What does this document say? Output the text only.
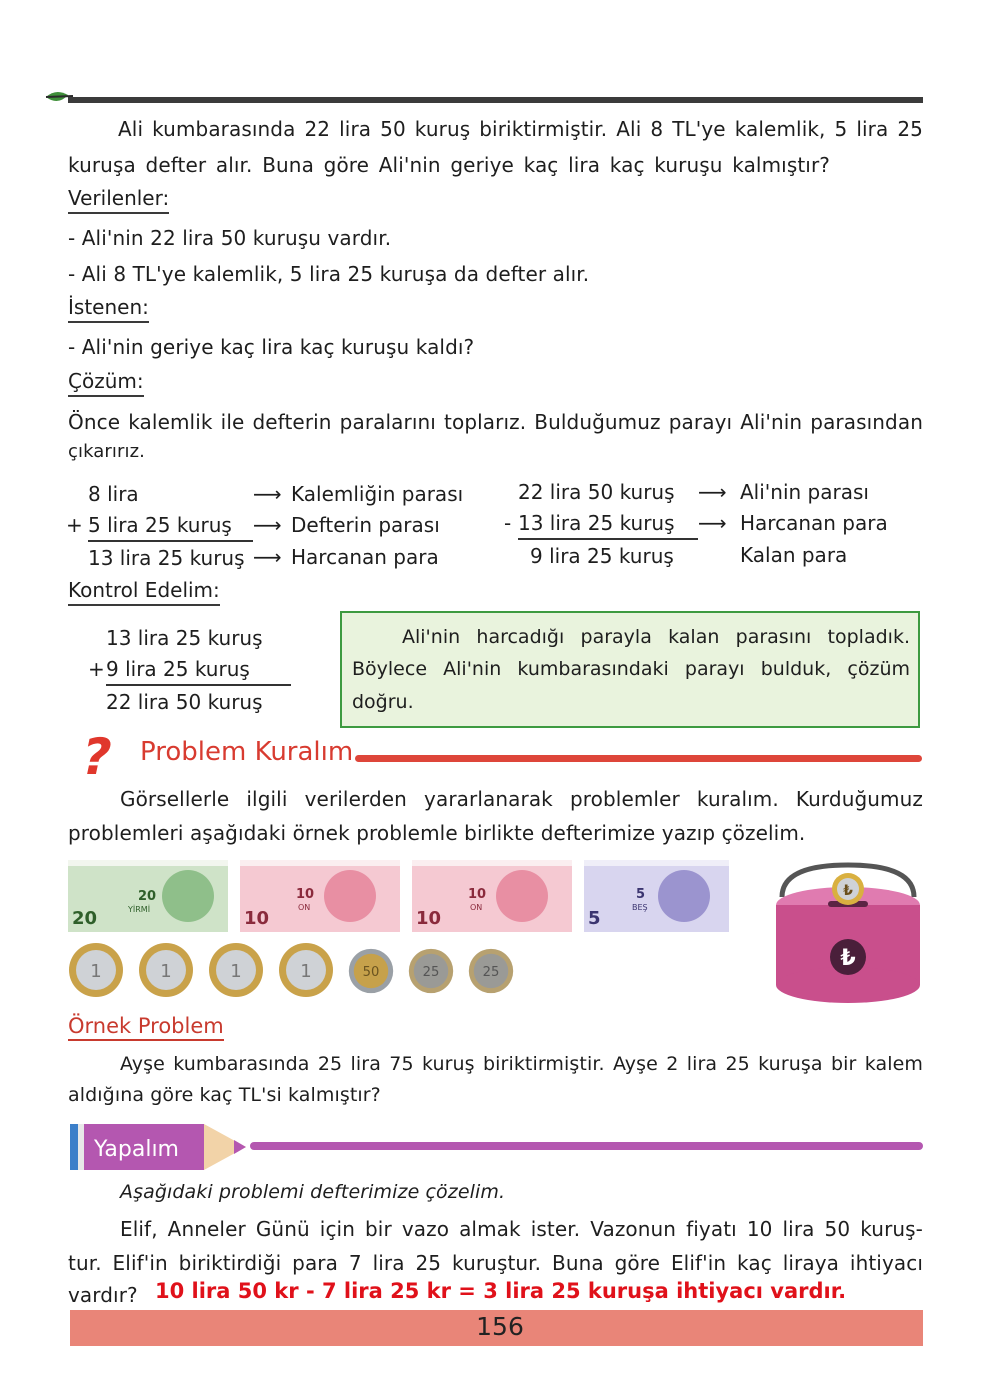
Ali kumbarasında 22 lira 50 kuruş biriktirmiştir. Ali 8 TL'ye kalemlik, 5 lira 25
kuruşa defter alır. Buna göre Ali'nin geriye kaç lira kaç kuruşu kalmıştır?
Verilenler:
- Ali'nin 22 lira 50 kuruşu vardır.
- Ali 8 TL'ye kalemlik, 5 lira 25 kuruşa da defter alır.
İstenen:
- Ali'nin geriye kaç lira kaç kuruşu kaldı?
Çözüm:
Önce kalemlik ile defterin paralarını toplarız. Bulduğumuz parayı Ali'nin parasından
çıkarırız.
	8 lira	⟶	Kalemliğin parası
+	5 lira 25 kuruş	⟶	Defterin parası
	13 lira 25 kuruş	⟶	Harcanan para
	22 lira 50 kuruş	⟶	Ali'nin parası
-	13 lira 25 kuruş	⟶	Harcanan para
	9 lira 25 kuruş		Kalan para
Kontrol Edelim:
	13 lira 25 kuruş
+	9 lira 25 kuruş
	22 lira 50 kuruş
Ali'nin harcadığı parayla kalan parasını topladık.
Böylece Ali'nin kumbarasındaki parayı bulduk, çözüm
doğru.
? Problem Kuralım
Görsellerle ilgili verilerden yararlanarak problemler kuralım. Kurduğumuz
problemleri aşağıdaki örnek problemle birlikte defterimize yazıp çözelim.
20
20
YİRMİ	10
10
ON
10
10
ON
5
5
BEŞ
1	1	1	1	50	25	25
₺
₺
Örnek Problem
Ayşe kumbarasında 25 lira 75 kuruş biriktirmiştir. Ayşe 2 lira 25 kuruşa bir kalem
aldığına göre kaç TL'si kalmıştır?
Yapalım
Aşağıdaki problemi defterimize çözelim.
Elif, Anneler Günü için bir vazo almak ister. Vazonun fiyatı 10 lira 50 kuruş-
tur. Elif'in biriktirdiği para 7 lira 25 kuruştur. Buna göre Elif'in kaç liraya ihtiyacı
vardır? 10 lira 50 kr - 7 lira 25 kr = 3 lira 25 kuruşa ihtiyacı vardır.
156
